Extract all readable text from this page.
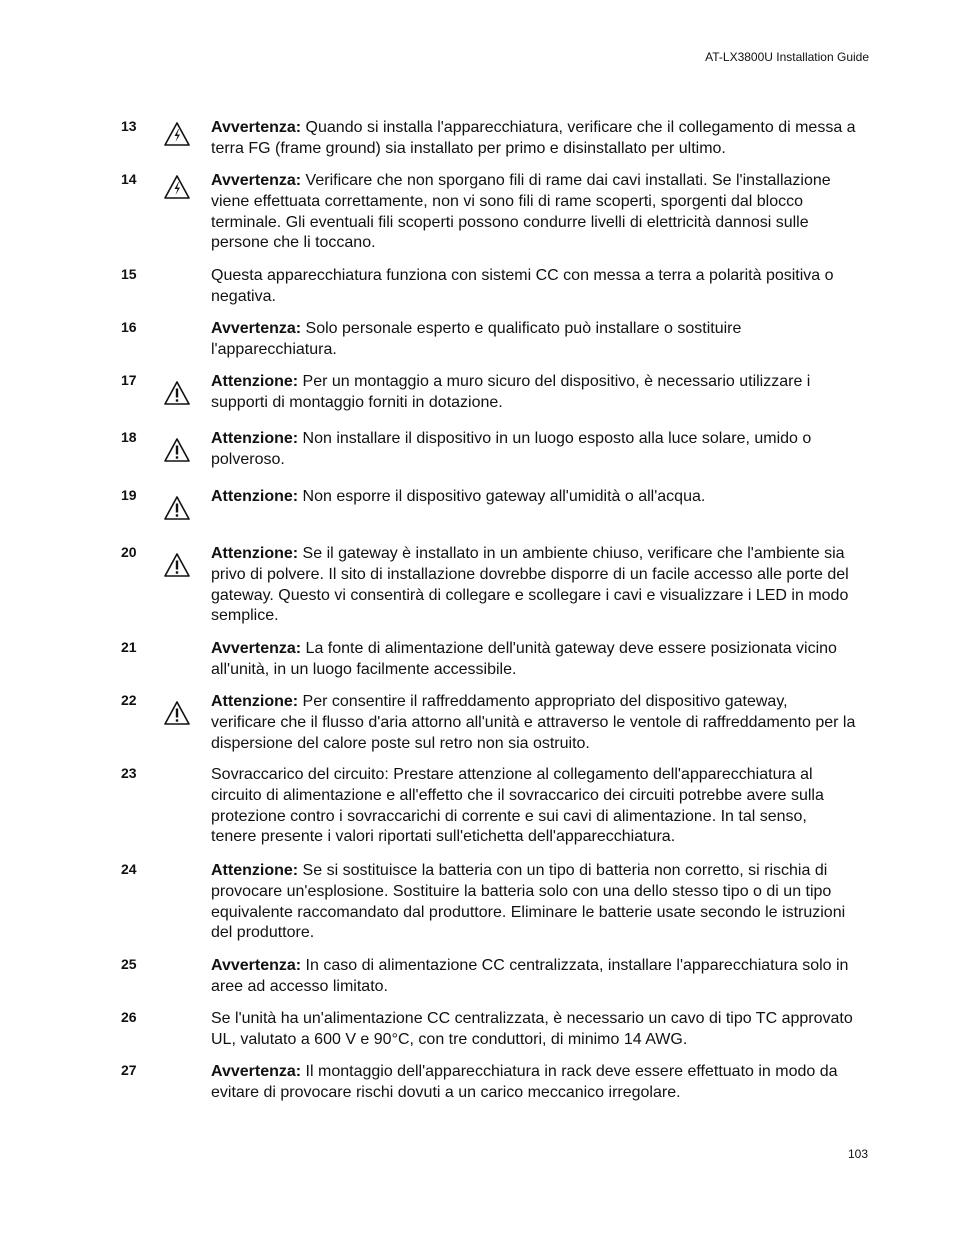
AT-LX3800U Installation Guide
13	Avvertenza: Quando si installa l'apparecchiatura, verificare che il collegamento di messa a terra FG (frame ground) sia installato per primo e disinstallato per ultimo.
14	Avvertenza: Verificare che non sporgano fili di rame dai cavi installati. Se l'installazione viene effettuata correttamente, non vi sono fili di rame scoperti, sporgenti dal blocco terminale. Gli eventuali fili scoperti possono condurre livelli di elettricità dannosi sulle persone che li toccano.
15	Questa apparecchiatura funziona con sistemi CC con messa a terra a polarità positiva o negativa.
16	Avvertenza: Solo personale esperto e qualificato può installare o sostituire l'apparecchiatura.
17	Attenzione: Per un montaggio a muro sicuro del dispositivo, è necessario utilizzare i supporti di montaggio forniti in dotazione.
18	Attenzione: Non installare il dispositivo in un luogo esposto alla luce solare, umido o polveroso.
19	Attenzione: Non esporre il dispositivo gateway all'umidità o all'acqua.
20	Attenzione: Se il gateway è installato in un ambiente chiuso, verificare che l'ambiente sia privo di polvere. Il sito di installazione dovrebbe disporre di un facile accesso alle porte del gateway. Questo vi consentirà di collegare e scollegare i cavi e visualizzare i LED in modo semplice.
21	Avvertenza: La fonte di alimentazione dell'unità gateway deve essere posizionata vicino all'unità, in un luogo facilmente accessibile.
22	Attenzione: Per consentire il raffreddamento appropriato del dispositivo gateway, verificare che il flusso d'aria attorno all'unità e attraverso le ventole di raffreddamento per la dispersione del calore poste sul retro non sia ostruito.
23	Sovraccarico del circuito: Prestare attenzione al collegamento dell'apparecchiatura al circuito di alimentazione e all'effetto che il sovraccarico dei circuiti potrebbe avere sulla protezione contro i sovraccarichi di corrente e sui cavi di alimentazione. In tal senso, tenere presente i valori riportati sull'etichetta dell'apparecchiatura.
24	Attenzione: Se si sostituisce la batteria con un tipo di batteria non corretto, si rischia di provocare un'esplosione. Sostituire la batteria solo con una dello stesso tipo o di un tipo equivalente raccomandato dal produttore. Eliminare le batterie usate secondo le istruzioni del produttore.
25	Avvertenza: In caso di alimentazione CC centralizzata, installare l'apparecchiatura solo in aree ad accesso limitato.
26	Se l'unità ha un'alimentazione CC centralizzata, è necessario un cavo di tipo TC approvato UL, valutato a 600 V e 90°C, con tre conduttori, di minimo 14 AWG.
27	Avvertenza: Il montaggio dell'apparecchiatura in rack deve essere effettuato in modo da evitare di provocare rischi dovuti a un carico meccanico irregolare.
103
